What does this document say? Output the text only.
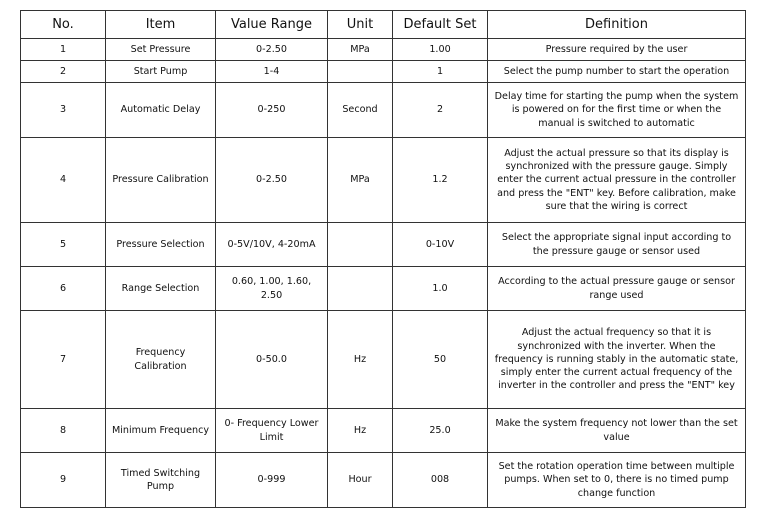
No.	Item	Value Range	Unit	Default Set	Definition
1	Set Pressure	0-2.50	MPa	1.00	Pressure required by the user
2	Start Pump	1-4		1	Select the pump number to start the operation
3	Automatic Delay	0-250	Second	2	Delay time for starting the pump when the system is powered on for the first time or when the manual is switched to automatic
4	Pressure Calibration	0-2.50	MPa	1.2	Adjust the actual pressure so that its display is synchronized with the pressure gauge. Simply enter the current actual pressure in the controller and press the "ENT" key. Before calibration, make sure that the wiring is correct
5	Pressure Selection	0-5V/10V, 4-20mA		0-10V	Select the appropriate signal input according to the pressure gauge or sensor used
6	Range Selection	0.60, 1.00, 1.60, 2.50		1.0	According to the actual pressure gauge or sensor range used
7	Frequency Calibration	0-50.0	Hz	50	Adjust the actual frequency so that it is synchronized with the inverter. When the frequency is running stably in the automatic state, simply enter the current actual frequency of the inverter in the controller and press the "ENT" key
8	Minimum Frequency	0- Frequency Lower Limit	Hz	25.0	Make the system frequency not lower than the set value
9	Timed Switching Pump	0-999	Hour	008	Set the rotation operation time between multiple pumps. When set to 0, there is no timed pump change function
